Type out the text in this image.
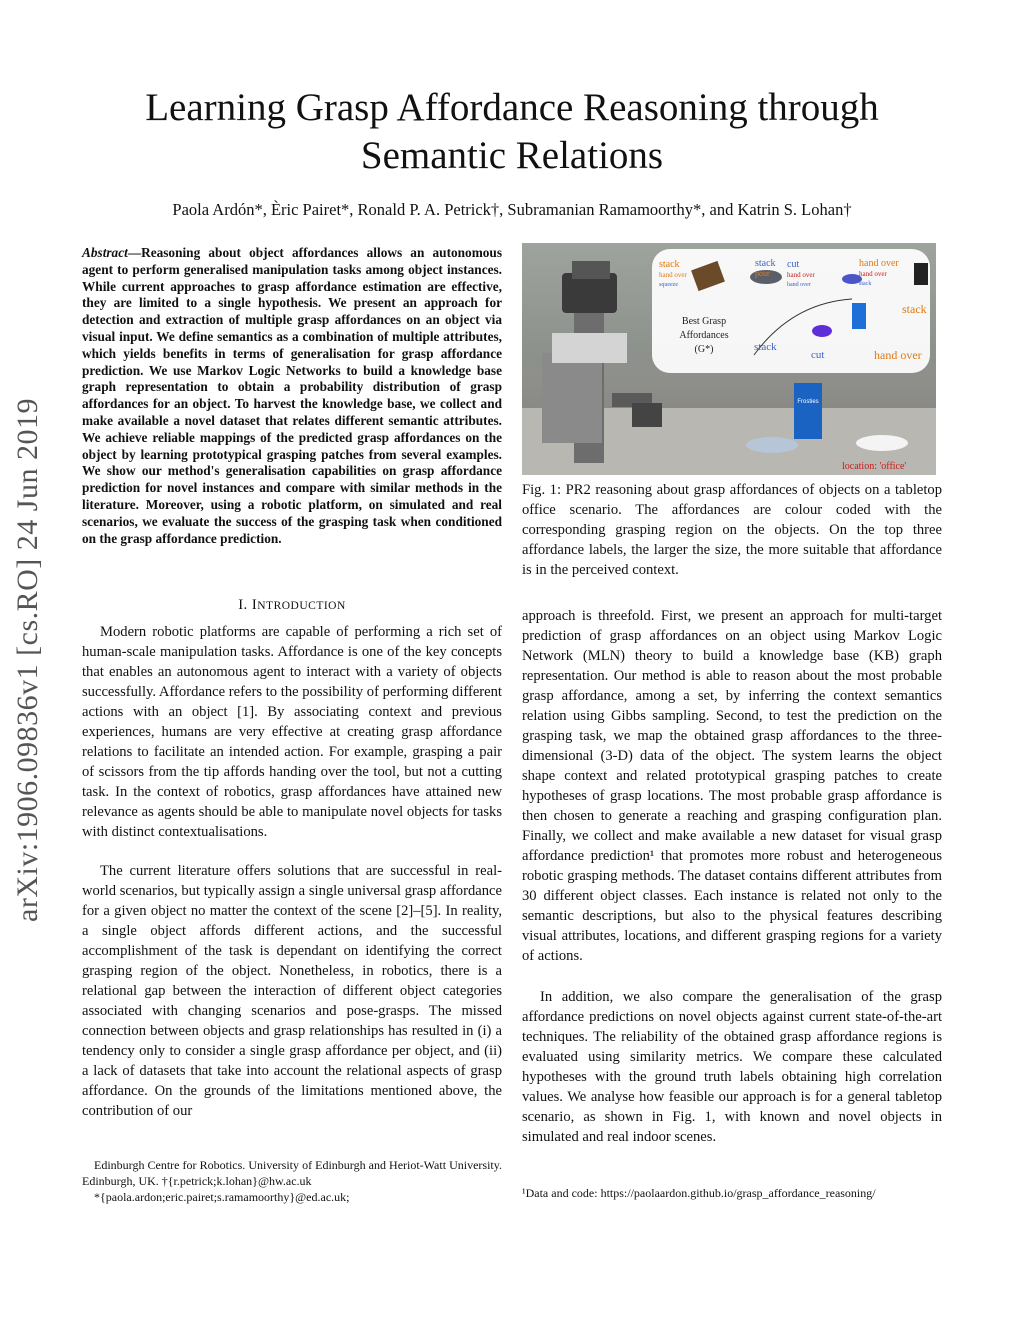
Learning Grasp Affordance Reasoning through
Semantic Relations
Paola Ardón*, Èric Pairet*, Ronald P. A. Petrick†, Subramanian Ramamoorthy*, and Katrin S. Lohan†
arXiv:1906.09836v1 [cs.RO] 24 Jun 2019
Abstract—Reasoning about object affordances allows an autonomous agent to perform generalised manipulation tasks among object instances. While current approaches to grasp affordance estimation are effective, they are limited to a single hypothesis. We present an approach for detection and extraction of multiple grasp affordances on an object via visual input. We define semantics as a combination of multiple attributes, which yields benefits in terms of generalisation for grasp affordance prediction. We use Markov Logic Networks to build a knowledge base graph representation to obtain a probability distribution of grasp affordances for an object. To harvest the knowledge base, we collect and make available a novel dataset that relates different semantic attributes. We achieve reliable mappings of the predicted grasp affordances on the object by learning prototypical grasping patches from several examples. We show our method's generalisation capabilities on grasp affordance prediction for novel instances and compare with similar methods in the literature. Moreover, using a robotic platform, on simulated and real scenarios, we evaluate the success of the grasping task when conditioned on the grasp affordance prediction.
I. INTRODUCTION

Modern robotic platforms are capable of performing a rich set of human-scale manipulation tasks. Affordance is one of the key concepts that enables an autonomous agent to interact with a variety of objects successfully. Affordance refers to the possibility of performing different actions with an object [1]. By associating context and previous experiences, humans are very effective at creating grasp affordance relations to facilitate an intended action. For example, grasping a pair of scissors from the tip affords handing over the tool, but not a cutting task. In the context of robotics, grasp affordances have attained new relevance as agents should be able to manipulate novel objects for tasks with distinct contextualisations.

The current literature offers solutions that are successful in real-world scenarios, but typically assign a single universal grasp affordance for a given object no matter the context of the scene [2]–[5]. In reality, a single object affords different actions, and the successful accomplishment of the task is dependant on identifying the correct grasping region of the object. Nonetheless, in robotics, there is a relational gap between the interaction of different object categories associated with changing scenarios and pose-grasps. The missed connection between objects and grasp relationships has resulted in (i) a tendency only to consider a single grasp affordance per object, and (ii) a lack of datasets that take into account the relational aspects of grasp affordance. On the grounds of the limitations mentioned above, the contribution of our

Edinburgh Centre for Robotics. University of Edinburgh and Heriot-Watt University. Edinburgh, UK. †{r.petrick;k.lohan}@hw.ac.uk
*{paola.ardon;eric.pairet;s.ramamoorthy}@ed.ac.uk;
stack
hand over
squeeze
stack
pour
cut
hand over
hand over
hand over
hand over
stack
Best Grasp
Affordances
(G*)
stack
stack
cut	hand over
Frosties
location: 'office'
Fig. 1: PR2 reasoning about grasp affordances of objects on a tabletop office scenario. The affordances are colour coded with the corresponding grasping region on the objects. On the top three affordance labels, the larger the size, the more suitable that affordance is in the perceived context.

approach is threefold. First, we present an approach for multi-target prediction of grasp affordances on an object using Markov Logic Network (MLN) theory to build a knowledge base (KB) graph representation. Our method is able to reason about the most probable grasp affordance, among a set, by inferring the context semantics relation using Gibbs sampling. Second, to test the prediction on the grasping task, we map the obtained grasp affordances to the three-dimensional (3-D) data of the object. The system learns the object shape context and related prototypical grasping patches to create hypotheses of grasp locations. The most probable grasp affordance is then chosen to generate a reaching and grasping configuration plan. Finally, we collect and make available a new dataset for visual grasp affordance prediction¹ that promotes more robust and heterogeneous robotic grasping methods. The dataset contains different attributes from 30 different object classes. Each instance is related not only to the semantic descriptions, but also to the physical features describing visual attributes, locations, and different grasping regions for a variety of actions.

In addition, we also compare the generalisation of the grasp affordance predictions on novel objects against current state-of-the-art techniques. The reliability of the obtained grasp affordance regions is evaluated using similarity metrics. We compare these calculated hypotheses with the ground truth labels obtaining high correlation values. We analyse how feasible our approach is for a general tabletop scenario, as shown in Fig. 1, with known and novel objects in simulated and real indoor scenes.

¹Data and code: https://paolaardon.github.io/grasp_affordance_reasoning/
